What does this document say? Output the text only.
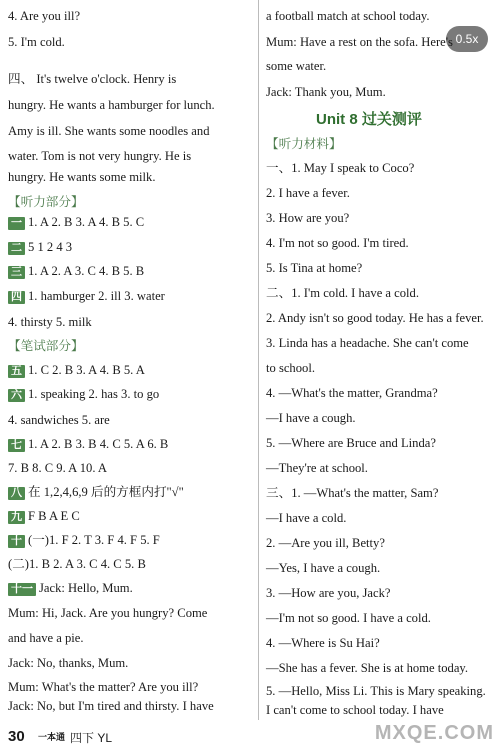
0.5x
4. Are you ill?
5. I'm cold.
四、 It's twelve o'clock. Henry is
hungry. He wants a hamburger for lunch.
Amy is ill. She wants some noodles and
water. Tom is not very hungry. He is
hungry. He wants some milk.
【听力部分】
一 1. A 2. B 3. A 4. B 5. C
二 5 1 2 4 3
三 1. A 2. A 3. C 4. B 5. B
四 1. hamburger 2. ill 3. water
4. thirsty 5. milk
【笔试部分】
五 1. C 2. B 3. A 4. B 5. A
六 1. speaking 2. has 3. to go
4. sandwiches 5. are
七 1. A 2. B 3. B 4. C 5. A 6. B
7. B 8. C 9. A 10. A
八 在 1,2,4,6,9 后的方框内打"√"
九 F B A E C
十 (一)1. F 2. T 3. F 4. F 5. F
(二)1. B 2. A 3. C 4. C 5. B
十一 Jack: Hello, Mum.
Mum: Hi, Jack. Are you hungry? Come
and have a pie.
Jack: No, thanks, Mum.
Mum: What's the matter? Are you ill?
Jack: No, but I'm tired and thirsty. I have
a football match at school today.
Mum: Have a rest on the sofa. Here's
some water.
Jack: Thank you, Mum.
Unit 8 过关测评
【听力材料】
一、1. May I speak to Coco?
2. I have a fever.
3. How are you?
4. I'm not so good. I'm tired.
5. Is Tina at home?
二、1. I'm cold. I have a cold.
2. Andy isn't so good today. He has a fever.
3. Linda has a headache. She can't come
to school.
4. —What's the matter, Grandma?
—I have a cough.
5. —Where are Bruce and Linda?
—They're at school.
三、1. —What's the matter, Sam?
—I have a cold.
2. —Are you ill, Betty?
—Yes, I have a cough.
3. —How are you, Jack?
—I'm not so good. I have a cold.
4. —Where is Su Hai?
—She has a fever. She is at home today.
5. —Hello, Miss Li. This is Mary speaking.
I can't come to school today. I have
30 一本通 四下 YL	MXQE.COM
